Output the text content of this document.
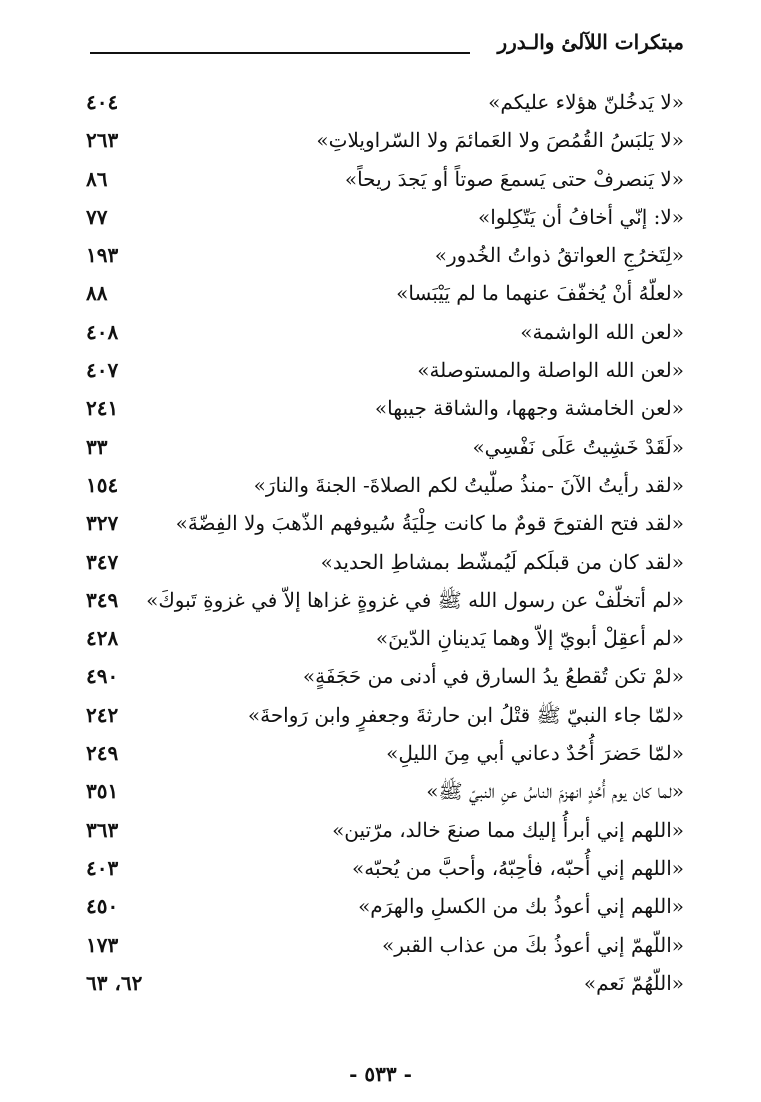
مبتكرات اللآلئ والـدرر
«لا يَدخُلنّ هؤلاء عليكم»
٤٠٤
«لا يَلبَسُ القُمُصَ ولا العَمائمَ ولا السّراويلاتِ»
٢٦٣
«لا يَنصرفْ حتى يَسمعَ صوتاً أو يَجدَ ريحاً»
٨٦
«لا: إنّي أخافُ أن يَتّكِلوا»
٧٧
«لِتَخرُجِ العواتقُ ذواتُ الخُدور»
١٩٣
«لعلّهُ أنْ يُخفّفَ عنهما ما لم يَيْبَسا»
٨٨
«لعن الله الواشمة»
٤٠٨
«لعن الله الواصلة والمستوصلة»
٤٠٧
«لعن الخامشة وجهها، والشاقة جيبها»
٢٤١
«لَقَدْ خَشِيتُ عَلَى نَفْسِي»
٣٣
«لقد رأيتُ الآنَ -منذُ صلّيتُ لكم الصلاةَ- الجنةَ والنارَ»
١٥٤
«لقد فتح الفتوحَ قومٌ ما كانت حِلْيَةُ سُيوفهم الذّهبَ ولا الفِضّةَ»
٣٢٧
«لقد كان من قبلَكم لَيُمشّط بمشاطِ الحديد»
٣٤٧
«لم أتخلّفْ عن رسول الله ﷺ في غزوةٍ غزاها إلاّ في غزوةِ تَبوكَ»
٣٤٩
«لم أعقِلْ أبويّ إلاّ وهما يَدينانِ الدّينَ»
٤٢٨
«لمْ تكن تُقطعُ يدُ السارق في أدنى من حَجَفَةٍ»
٤٩٠
«لمّا جاء النبيّ ﷺ قتْلُ ابن حارثةَ وجعفرٍ وابن رَواحةَ»
٢٤٢
«لمّا حَضرَ أُحُدٌ دعاني أبي مِنَ الليلِ»
٢٤٩
«لما كان يوم أُحُدٍ انهزمَ الناسُ عنِ النبيّ ﷺ»
٣٥١
«اللهم إني أبرأُ إليك مما صنعَ خالد، مرّتين»
٣٦٣
«اللهم إني أُحبّه، فأحِبّهُ، وأحبَّ من يُحبّه»
٤٠٣
«اللهم إني أعوذُ بك من الكسلِ والهرَم»
٤٥٠
«اللّهمّ إني أعوذُ بكَ من عذاب القبر»
١٧٣
«اللّهُمّ نَعم»
٦٢، ٦٣
- ٥٣٣ -
